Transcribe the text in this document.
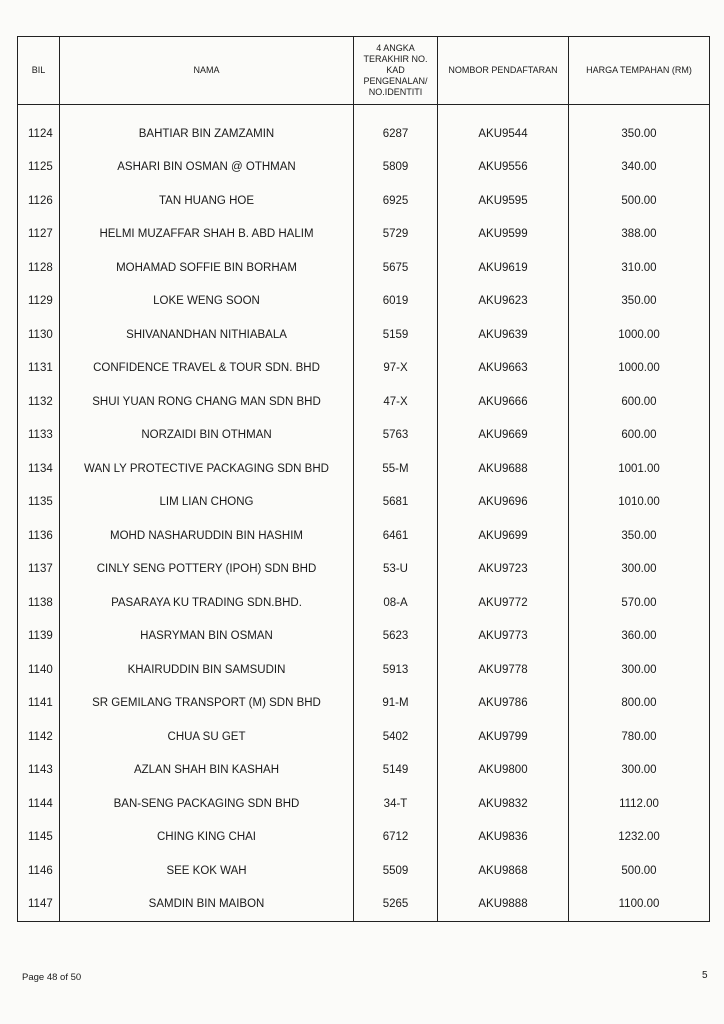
BIL	NAMA	4 ANGKA TERAKHIR NO. KAD PENGENALAN/ NO.IDENTITI	NOMBOR PENDAFTARAN	HARGA TEMPAHAN (RM)

1124	BAHTIAR BIN ZAMZAMIN	6287	AKU9544	350.00
1125	ASHARI BIN OSMAN @ OTHMAN	5809	AKU9556	340.00
1126	TAN HUANG HOE	6925	AKU9595	500.00
1127	HELMI MUZAFFAR SHAH B. ABD HALIM	5729	AKU9599	388.00
1128	MOHAMAD SOFFIE BIN BORHAM	5675	AKU9619	310.00
1129	LOKE WENG SOON	6019	AKU9623	350.00
1130	SHIVANANDHAN NITHIABALA	5159	AKU9639	1000.00
1131	CONFIDENCE TRAVEL & TOUR SDN. BHD	97-X	AKU9663	1000.00
1132	SHUI YUAN RONG CHANG MAN SDN BHD	47-X	AKU9666	600.00
1133	NORZAIDI BIN OTHMAN	5763	AKU9669	600.00
1134	WAN LY PROTECTIVE PACKAGING SDN BHD	55-M	AKU9688	1001.00
1135	LIM LIAN CHONG	5681	AKU9696	1010.00
1136	MOHD NASHARUDDIN BIN HASHIM	6461	AKU9699	350.00
1137	CINLY SENG POTTERY (IPOH) SDN BHD	53-U	AKU9723	300.00
1138	PASARAYA KU TRADING SDN.BHD.	08-A	AKU9772	570.00
1139	HASRYMAN BIN OSMAN	5623	AKU9773	360.00
1140	KHAIRUDDIN BIN SAMSUDIN	5913	AKU9778	300.00
1141	SR GEMILANG TRANSPORT (M) SDN BHD	91-M	AKU9786	800.00
1142	CHUA SU GET	5402	AKU9799	780.00
1143	AZLAN SHAH BIN KASHAH	5149	AKU9800	300.00
1144	BAN-SENG PACKAGING SDN BHD	34-T	AKU9832	1112.00
1145	CHING KING CHAI	6712	AKU9836	1232.00
1146	SEE KOK WAH	5509	AKU9868	500.00
1147	SAMDIN BIN MAIBON	5265	AKU9888	1100.00
Page 48 of 50	5
